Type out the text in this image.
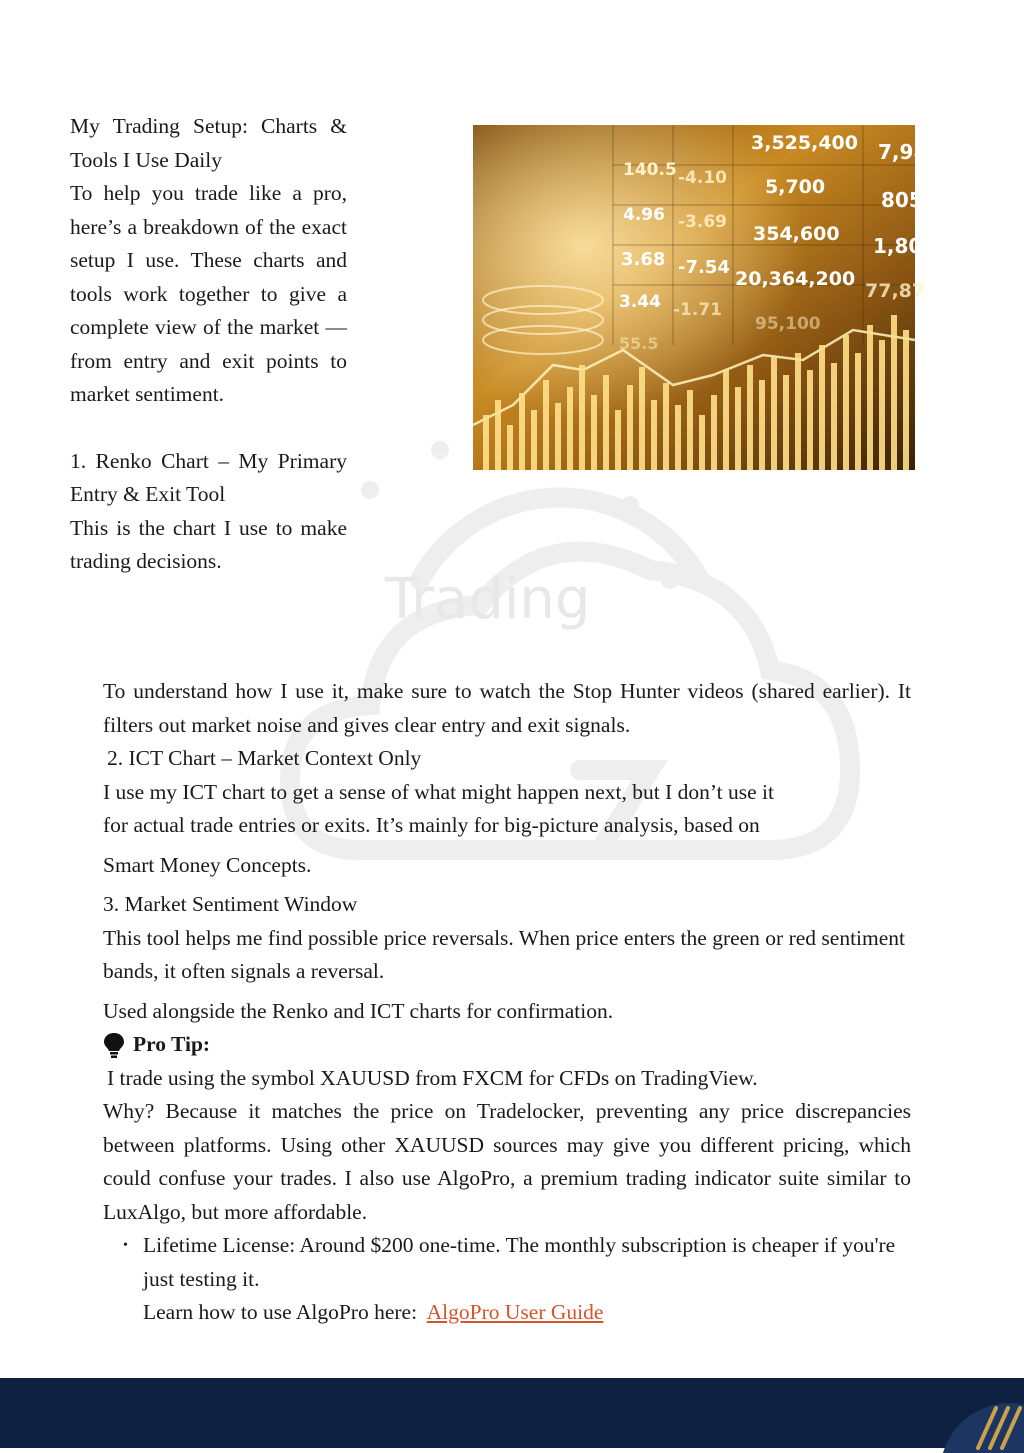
Trading

My Trading Setup: Charts & Tools I Use Daily

To help you trade like a pro, here’s a breakdown of the exact setup I use. These charts and tools work together to give a complete view of the market — from entry and exit points to market sentiment.

1. Renko Chart – My Primary Entry & Exit Tool

This is the chart I use to make trading decisions.

140.5 -4.10 5,700
4.96 -3.69
354,600
3.68 -7.54
20,364,200
3.44 -1.71
95,100
3,525,400 7,98
805
1,806
77,87
55.5

To understand how I use it, make sure to watch the Stop Hunter videos (shared earlier). It filters out market noise and gives clear entry and exit signals.

2. ICT Chart – Market Context Only

I use my ICT chart to get a sense of what might happen next, but I don’t use it

for actual trade entries or exits. It’s mainly for big-picture analysis, based on

Smart Money Concepts.

3. Market Sentiment Window

This tool helps me find possible price reversals. When price enters the green or red sentiment bands, it often signals a reversal.

Used alongside the Renko and ICT charts for confirmation.

Pro Tip:

I trade using the symbol XAUUSD from FXCM for CFDs on TradingView.

Why? Because it matches the price on Tradelocker, preventing any price discrepancies between platforms. Using other XAUUSD sources may give you different pricing, which could confuse your trades. I also use AlgoPro, a premium trading indicator suite similar to LuxAlgo, but more affordable.

• Lifetime License: Around $200 one-time. The monthly subscription is cheaper if you're just testing it.

Learn how to use AlgoPro here: AlgoPro User Guide
